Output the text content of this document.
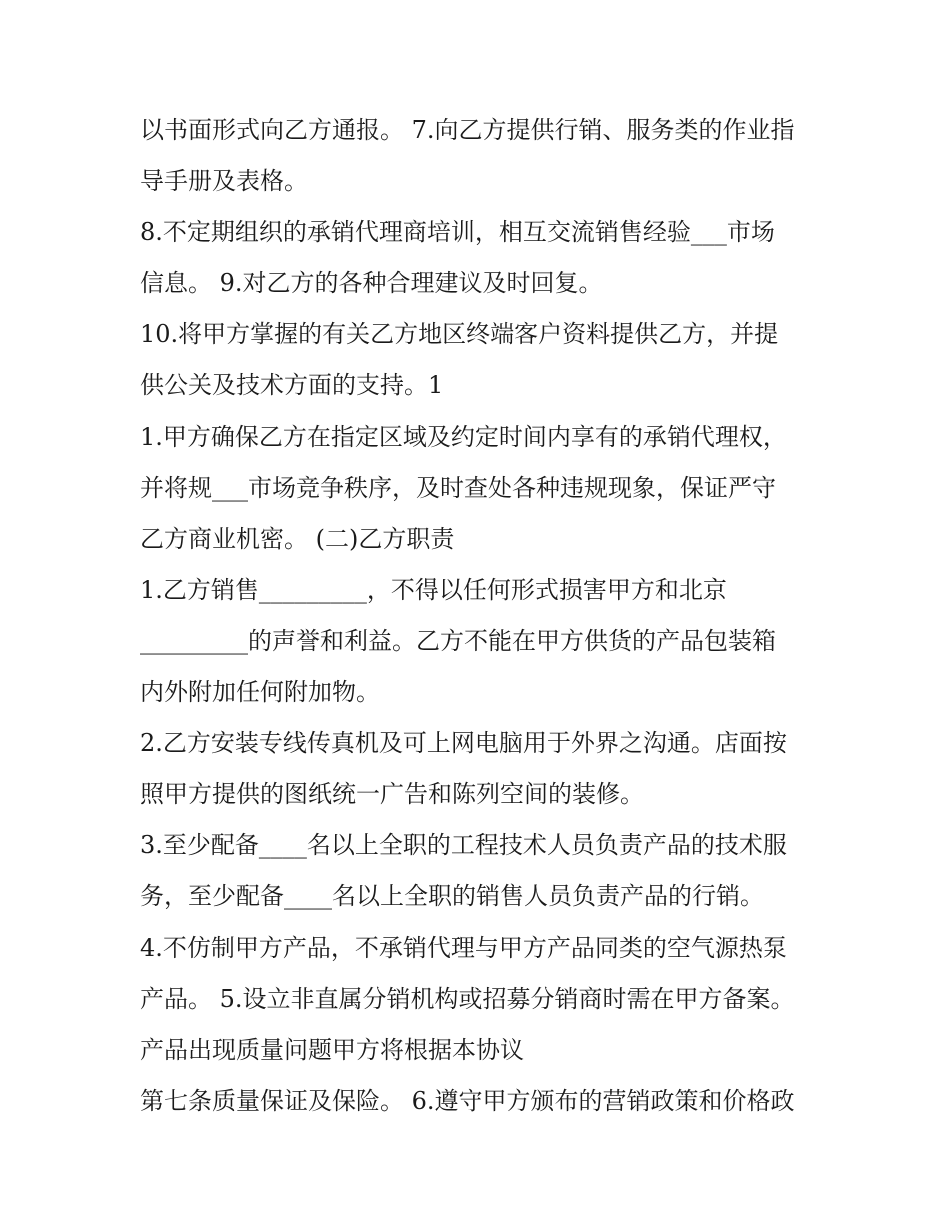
以书面形式向乙方通报。 7.向乙方提供行销、服务类的作业指
导手册及表格。
8.不定期组织的承销代理商培训，相互交流销售经验___市场
信息。 9.对乙方的各种合理建议及时回复。
10.将甲方掌握的有关乙方地区终端客户资料提供乙方，并提
供公关及技术方面的支持。1
1.甲方确保乙方在指定区域及约定时间内享有的承销代理权，
并将规___市场竞争秩序，及时查处各种违规现象，保证严守
乙方商业机密。 (二)乙方职责
1.乙方销售_________，不得以任何形式损害甲方和北京
_________的声誉和利益。乙方不能在甲方供货的产品包装箱
内外附加任何附加物。
2.乙方安装专线传真机及可上网电脑用于外界之沟通。店面按
照甲方提供的图纸统一广告和陈列空间的装修。
3.至少配备____名以上全职的工程技术人员负责产品的技术服
务，至少配备____名以上全职的销售人员负责产品的行销。
4.不仿制甲方产品，不承销代理与甲方产品同类的空气源热泵
产品。 5.设立非直属分销机构或招募分销商时需在甲方备案。
产品出现质量问题甲方将根据本协议
第七条质量保证及保险。 6.遵守甲方颁布的营销政策和价格政
